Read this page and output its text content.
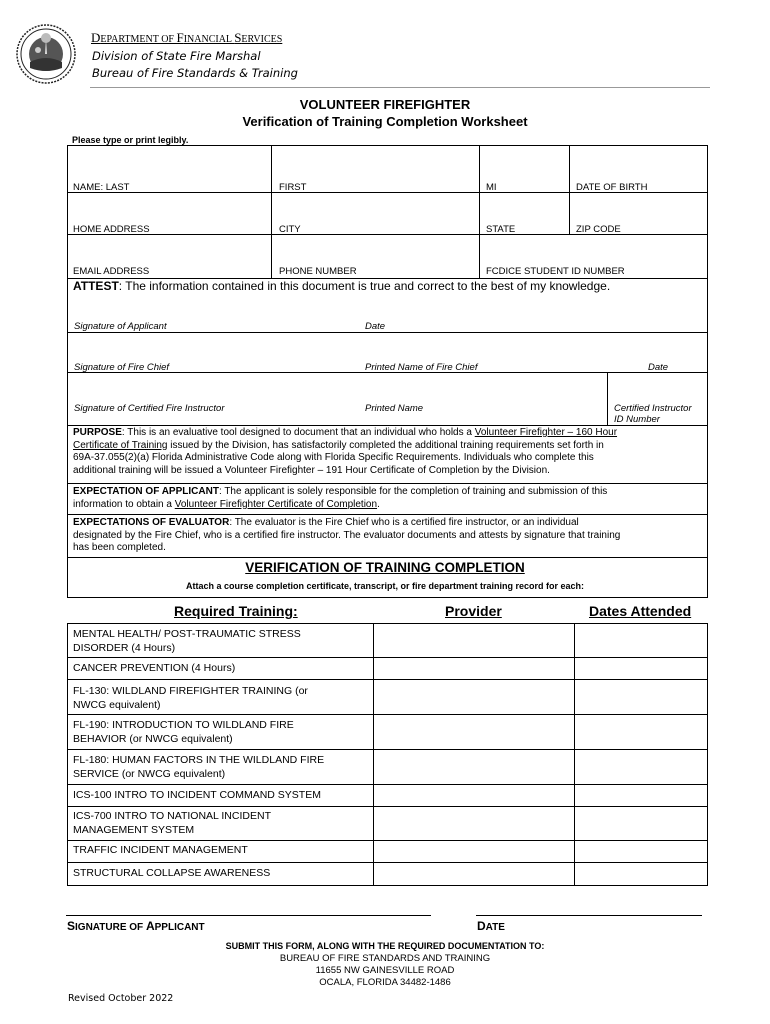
DEPARTMENT OF FINANCIAL SERVICES
Division of State Fire Marshal
Bureau of Fire Standards & Training
VOLUNTEER FIREFIGHTER
Verification of Training Completion Worksheet
Please type or print legibly.
NAME: LAST	FIRST	MI	DATE OF BIRTH
HOME ADDRESS	CITY	STATE	ZIP CODE
EMAIL ADDRESS	PHONE NUMBER	FCDICE STUDENT ID NUMBER
ATTEST: The information contained in this document is true and correct to the best of my knowledge.
Signature of Applicant	Date
Signature of Fire Chief	Printed Name of Fire Chief	Date
Signature of Certified Fire Instructor	Printed Name	Certified Instructor
ID Number
PURPOSE: This is an evaluative tool designed to document that an individual who holds a Volunteer Firefighter – 160 Hour
Certificate of Training issued by the Division, has satisfactorily completed the additional training requirements set forth in
69A-37.055(2)(a) Florida Administrative Code along with Florida Specific Requirements. Individuals who complete this
additional training will be issued a Volunteer Firefighter – 191 Hour Certificate of Completion by the Division.
EXPECTATION OF APPLICANT: The applicant is solely responsible for the completion of training and submission of this
information to obtain a Volunteer Firefighter Certificate of Completion.
EXPECTATIONS OF EVALUATOR: The evaluator is the Fire Chief who is a certified fire instructor, or an individual
designated by the Fire Chief, who is a certified fire instructor. The evaluator documents and attests by signature that training
has been completed.
VERIFICATION OF TRAINING COMPLETION
Attach a course completion certificate, transcript, or fire department training record for each:
Required Training:	Provider	Dates Attended
MENTAL HEALTH/ POST-TRAUMATIC STRESS
DISORDER (4 Hours)
CANCER PREVENTION (4 Hours)
FL-130: WILDLAND FIREFIGHTER TRAINING (or
NWCG equivalent)
FL-190: INTRODUCTION TO WILDLAND FIRE
BEHAVIOR (or NWCG equivalent)
FL-180: HUMAN FACTORS IN THE WILDLAND FIRE
SERVICE (or NWCG equivalent)
ICS-100 INTRO TO INCIDENT COMMAND SYSTEM
ICS-700 INTRO TO NATIONAL INCIDENT
MANAGEMENT SYSTEM
TRAFFIC INCIDENT MANAGEMENT
STRUCTURAL COLLAPSE AWARENESS
SIGNATURE OF APPLICANT	DATE
SUBMIT THIS FORM, ALONG WITH THE REQUIRED DOCUMENTATION TO:
BUREAU OF FIRE STANDARDS AND TRAINING
11655 NW GAINESVILLE ROAD
OCALA, FLORIDA 34482-1486
Revised October 2022
